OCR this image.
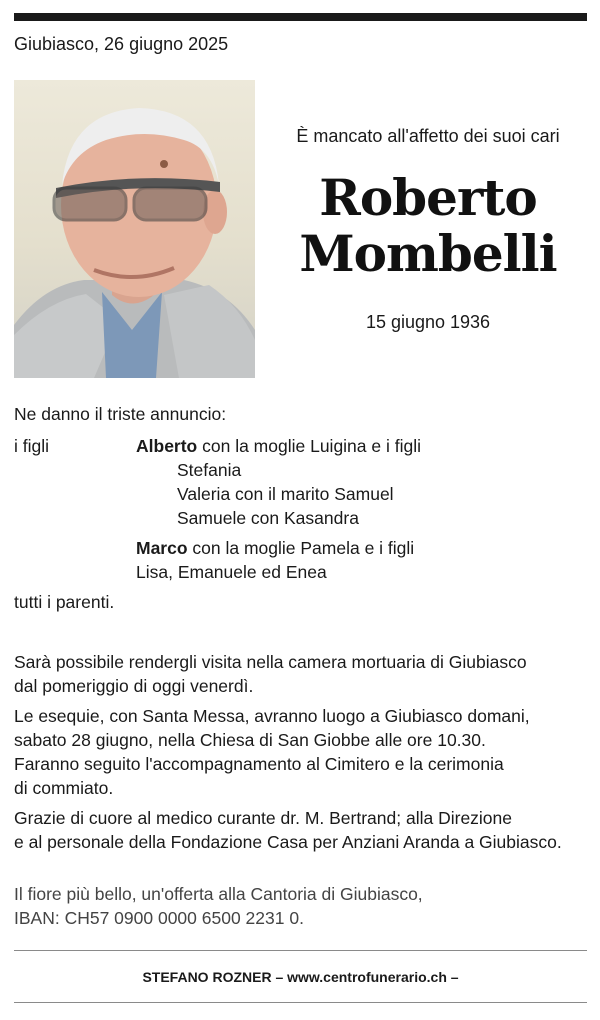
Giubiasco, 26 giugno 2025
È mancato all'affetto dei suoi cari
Roberto
Mombelli
15 giugno 1936
Ne danno il triste annuncio:
i figli	Alberto con la moglie Luigina e i figli
Stefania
Valeria con il marito Samuel
Samuele con Kasandra
Marco con la moglie Pamela e i figli
Lisa, Emanuele ed Enea
tutti i parenti.
Sarà possibile rendergli visita nella camera mortuaria di Giubiasco
dal pomeriggio di oggi venerdì.
Le esequie, con Santa Messa, avranno luogo a Giubiasco domani,
sabato 28 giugno, nella Chiesa di San Giobbe alle ore 10.30.
Faranno seguito l'accompagnamento al Cimitero e la cerimonia
di commiato.
Grazie di cuore al medico curante dr. M. Bertrand; alla Direzione
e al personale della Fondazione Casa per Anziani Aranda a Giubiasco.
Il fiore più bello, un'offerta alla Cantoria di Giubiasco,
IBAN: CH57 0900 0000 6500 2231 0.
STEFANO ROZNER – www.centrofunerario.ch –
